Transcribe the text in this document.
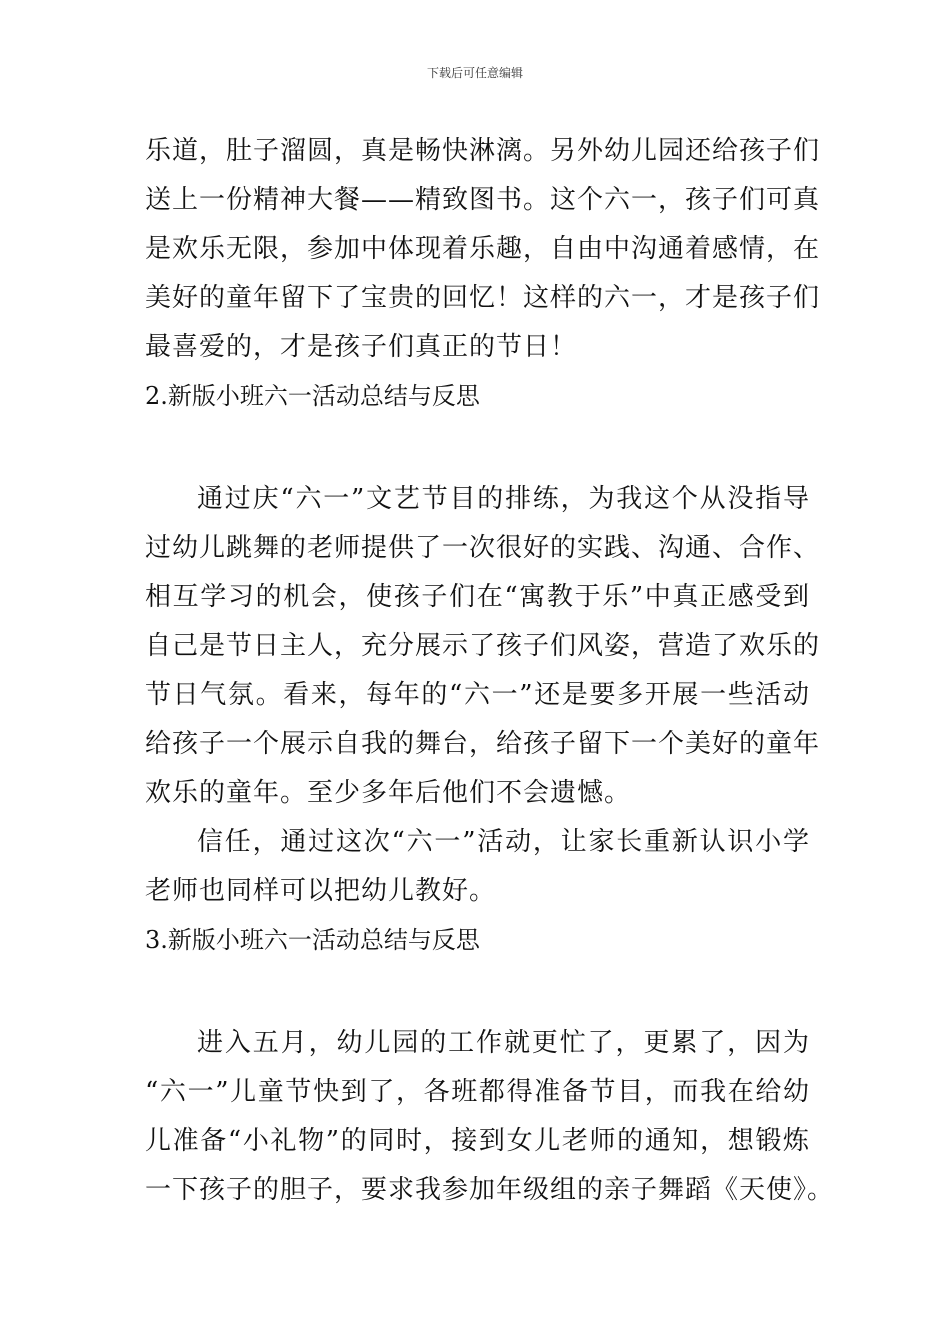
下载后可任意编辑
乐道，肚子溜圆，真是畅快淋漓。另外幼儿园还给孩子们
送上一份精神大餐——精致图书。这个六一，孩子们可真
是欢乐无限，参加中体现着乐趣，自由中沟通着感情，在
美好的童年留下了宝贵的回忆！这样的六一，才是孩子们
最喜爱的，才是孩子们真正的节日！
2.新版小班六一活动总结与反思
通过庆“六一”文艺节目的排练，为我这个从没指导
过幼儿跳舞的老师提供了一次很好的实践、沟通、合作、
相互学习的机会，使孩子们在“寓教于乐”中真正感受到
自己是节日主人，充分展示了孩子们风姿，营造了欢乐的
节日气氛。看来，每年的“六一”还是要多开展一些活动
给孩子一个展示自我的舞台，给孩子留下一个美好的童年
欢乐的童年。至少多年后他们不会遗憾。
信任，通过这次“六一”活动，让家长重新认识小学
老师也同样可以把幼儿教好。
3.新版小班六一活动总结与反思
进入五月，幼儿园的工作就更忙了，更累了，因为
“六一”儿童节快到了，各班都得准备节目，而我在给幼
儿准备“小礼物”的同时，接到女儿老师的通知，想锻炼
一下孩子的胆子，要求我参加年级组的亲子舞蹈《天使》。
